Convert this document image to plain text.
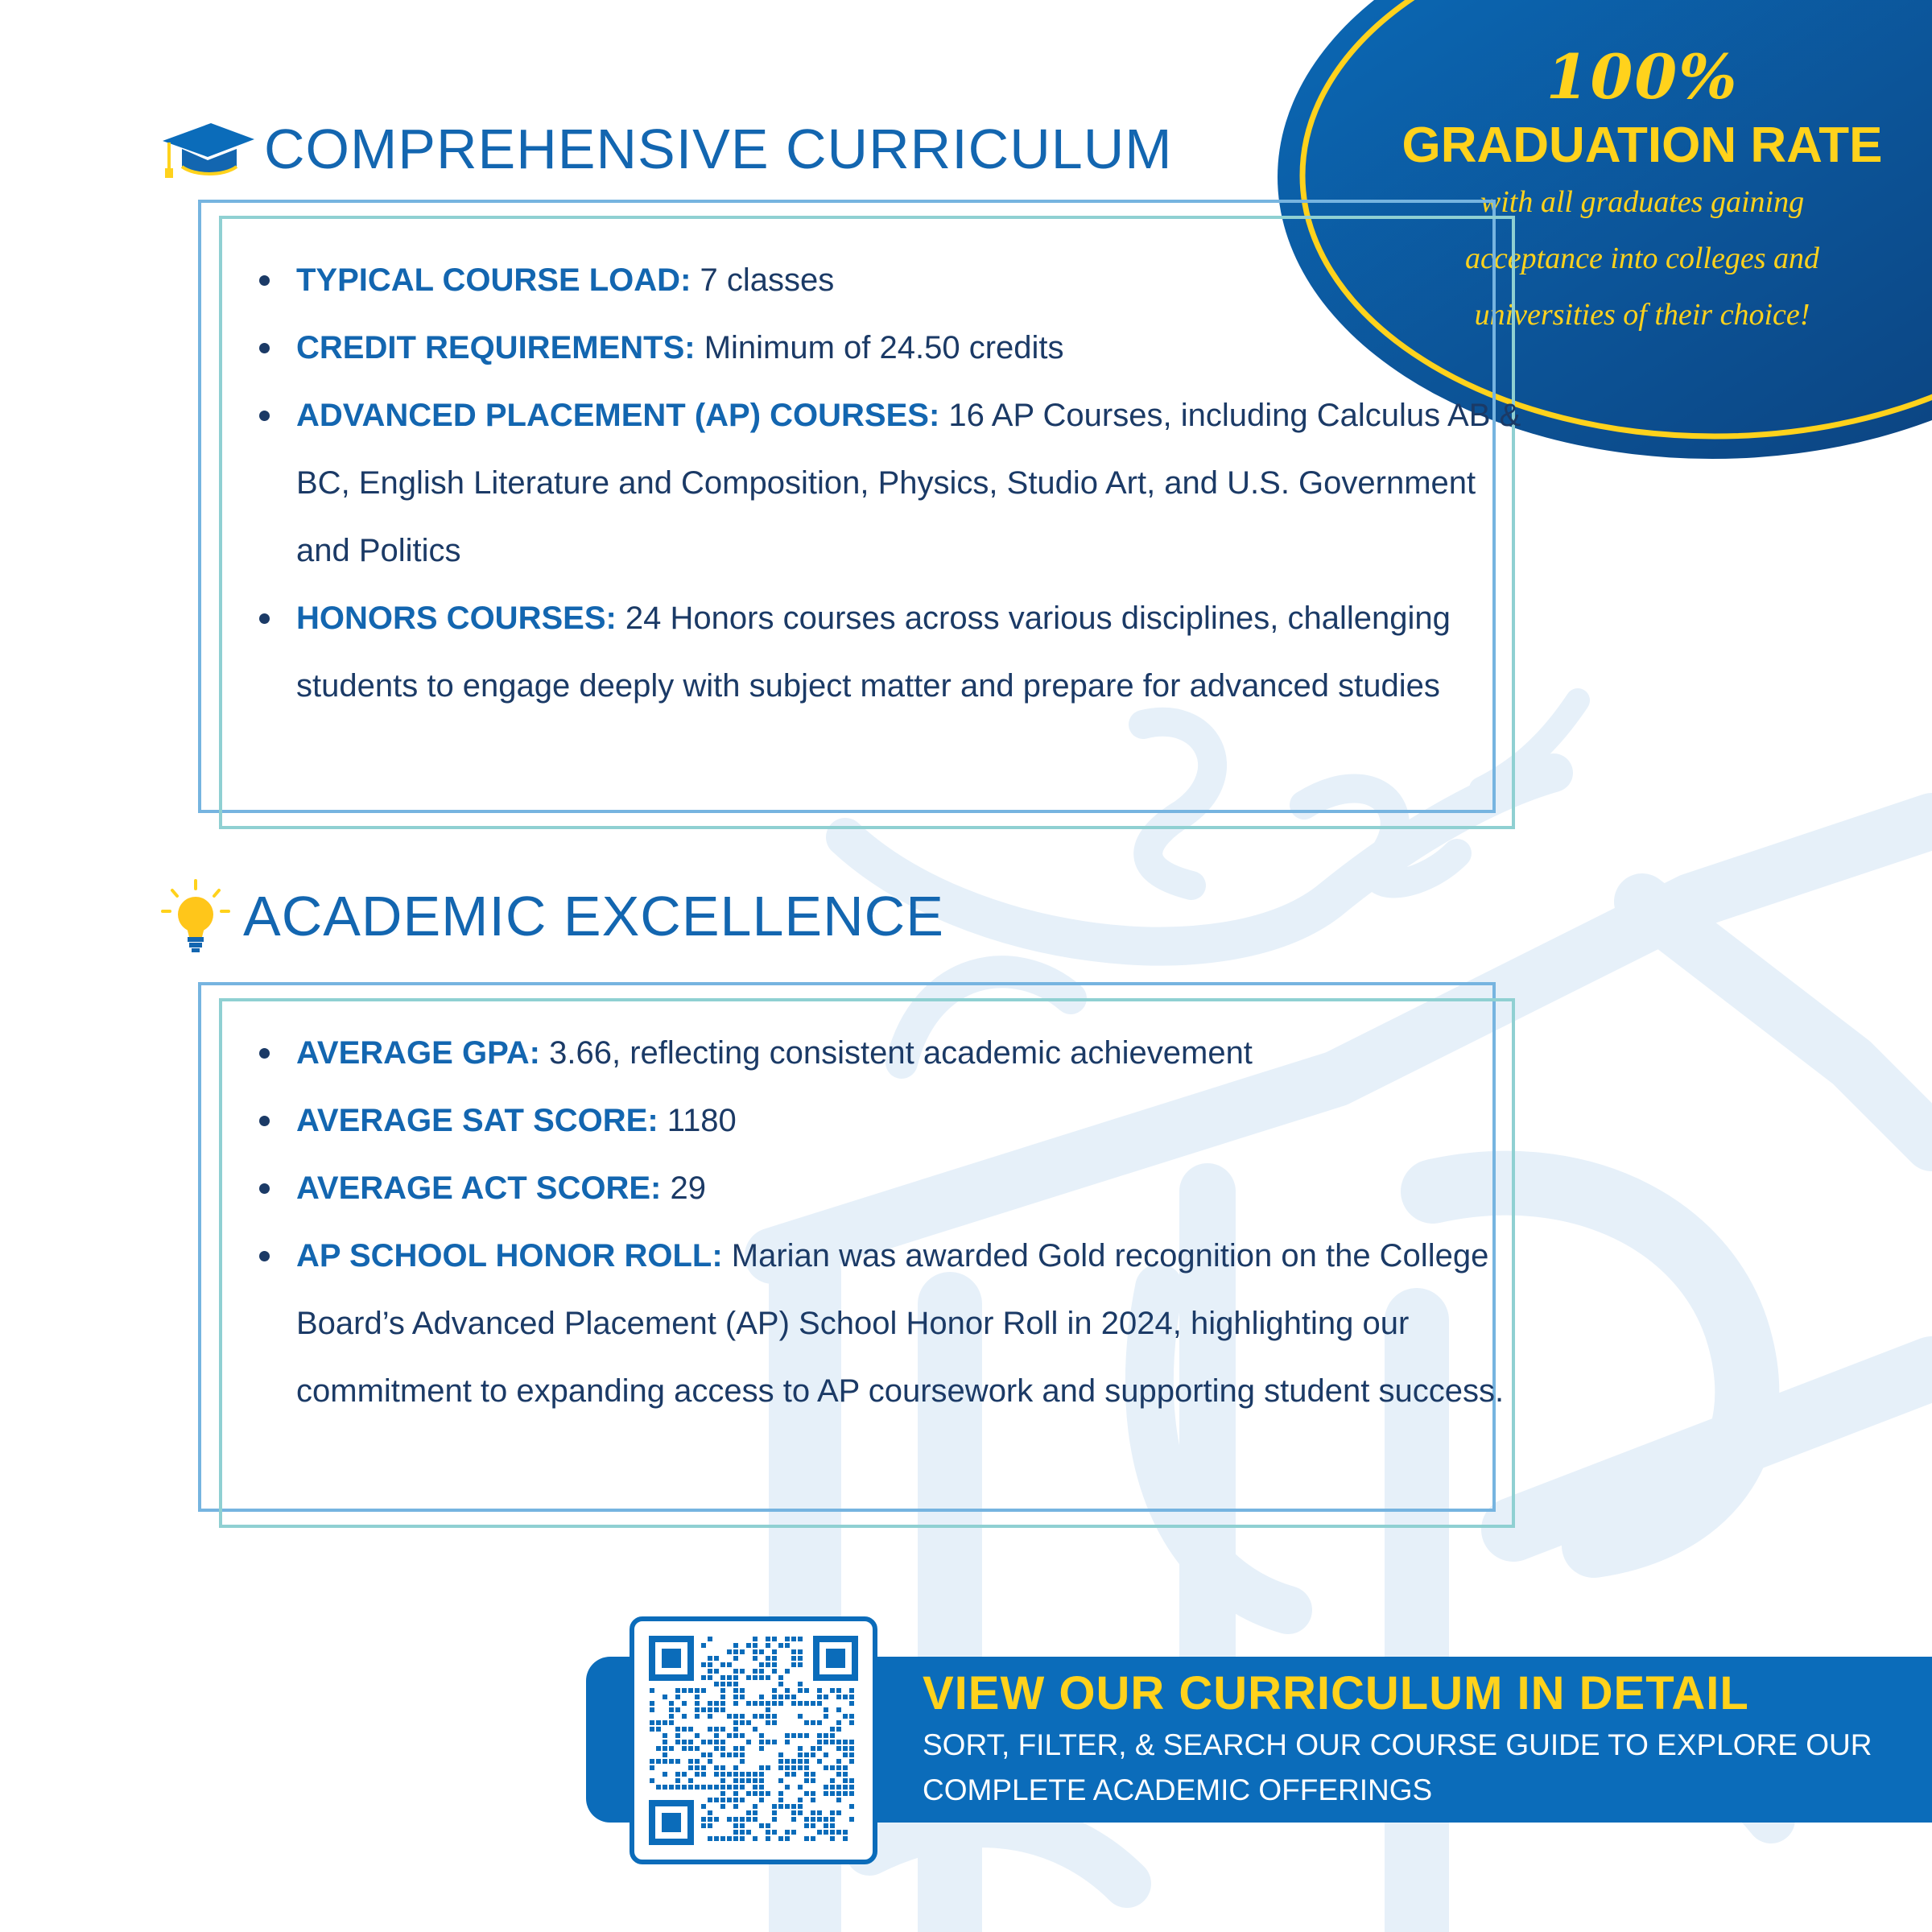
100%
GRADUATION RATE
with all graduates gaining acceptance into colleges and universities of their choice!
COMPREHENSIVE CURRICULUM
TYPICAL COURSE LOAD: 7 classes
CREDIT REQUIREMENTS: Minimum of 24.50 credits
ADVANCED PLACEMENT (AP) COURSES: 16 AP Courses, including Calculus AB & BC, English Literature and Composition, Physics, Studio Art, and U.S. Government and Politics
HONORS COURSES: 24 Honors courses across various disciplines, challenging students to engage deeply with subject matter and prepare for advanced studies
ACADEMIC EXCELLENCE
AVERAGE GPA: 3.66, reflecting consistent academic achievement
AVERAGE SAT SCORE: 1180
AVERAGE ACT SCORE: 29
AP SCHOOL HONOR ROLL: Marian was awarded Gold recognition on the College Board’s Advanced Placement (AP) School Honor Roll in 2024, highlighting our commitment to expanding access to AP coursework and supporting student success.
VIEW OUR CURRICULUM IN DETAIL
SORT, FILTER, & SEARCH OUR COURSE GUIDE TO EXPLORE OUR COMPLETE ACADEMIC OFFERINGS
